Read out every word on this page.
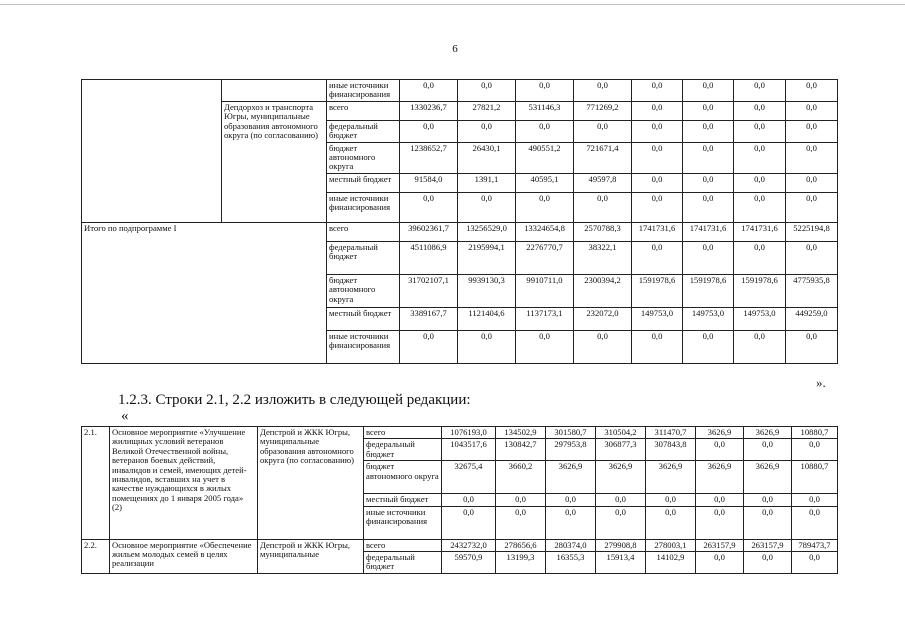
6
		иные источники финансирования	0,0	0,0	0,0	0,0	0,0	0,0	0,0	0,0
	Депдорхоз и транспорта Югры, муниципальные образования автономного округа (по согласованию)	всего	1330236,7	27821,2	531146,3	771269,2	0,0	0,0	0,0	0,0
		федеральный бюджет	0,0	0,0	0,0	0,0	0,0	0,0	0,0	0,0
		бюджет автономного округа	1238652,7	26430,1	490551,2	721671,4	0,0	0,0	0,0	0,0
		местный бюджет	91584,0	1391,1	40595,1	49597,8	0,0	0,0	0,0	0,0
		иные источники финансирования	0,0	0,0	0,0	0,0	0,0	0,0	0,0	0,0
Итого по подпрограмме I		всего	39602361,7	13256529,0	13324654,8	2570788,3	1741731,6	1741731,6	1741731,6	5225194,8
		федеральный бюджет	4511086,9	2195994,1	2276770,7	38322,1	0,0	0,0	0,0	0,0
		бюджет автономного округа	31702107,1	9939130,3	9910711,0	2300394,2	1591978,6	1591978,6	1591978,6	4775935,8
		местный бюджет	3389167,7	1121404,6	1137173,1	232072,0	149753,0	149753,0	149753,0	449259,0
		иные источники финансирования	0,0	0,0	0,0	0,0	0,0	0,0	0,0	0,0
».
1.2.3. Строки 2.1, 2.2 изложить в следующей редакции:
«
2.1.	Основное мероприятие «Улучшение жилищных условий ветеранов Великой Отечественной войны, ветеранов боевых действий, инвалидов и семей, имеющих детей-инвалидов, вставших на учет в качестве нуждающихся в жилых помещениях до 1 января 2005 года» (2)	Депстрой и ЖКК Югры, муниципальные образования автономного округа (по согласованию)	всего	1076193,0	134502,9	301580,7	310504,2	311470,7	3626,9	3626,9	10880,7
			федеральный бюджет	1043517,6	130842,7	297953,8	306877,3	307843,8	0,0	0,0	0,0
			бюджет автономного округа	32675,4	3660,2	3626,9	3626,9	3626,9	3626,9	3626,9	10880,7
			местный бюджет	0,0	0,0	0,0	0,0	0,0	0,0	0,0	0,0
			иные источники финансирования	0,0	0,0	0,0	0,0	0,0	0,0	0,0	0,0
2.2.	Основное мероприятие «Обеспечение жильем молодых семей в целях реализации	Депстрой и ЖКК Югры, муниципальные	всего	2432732,0	278656,6	280374,0	279908,8	278003,1	263157,9	263157,9	789473,7
			федеральный бюджет	59570,9	13199,3	16355,3	15913,4	14102,9	0,0	0,0	0,0
